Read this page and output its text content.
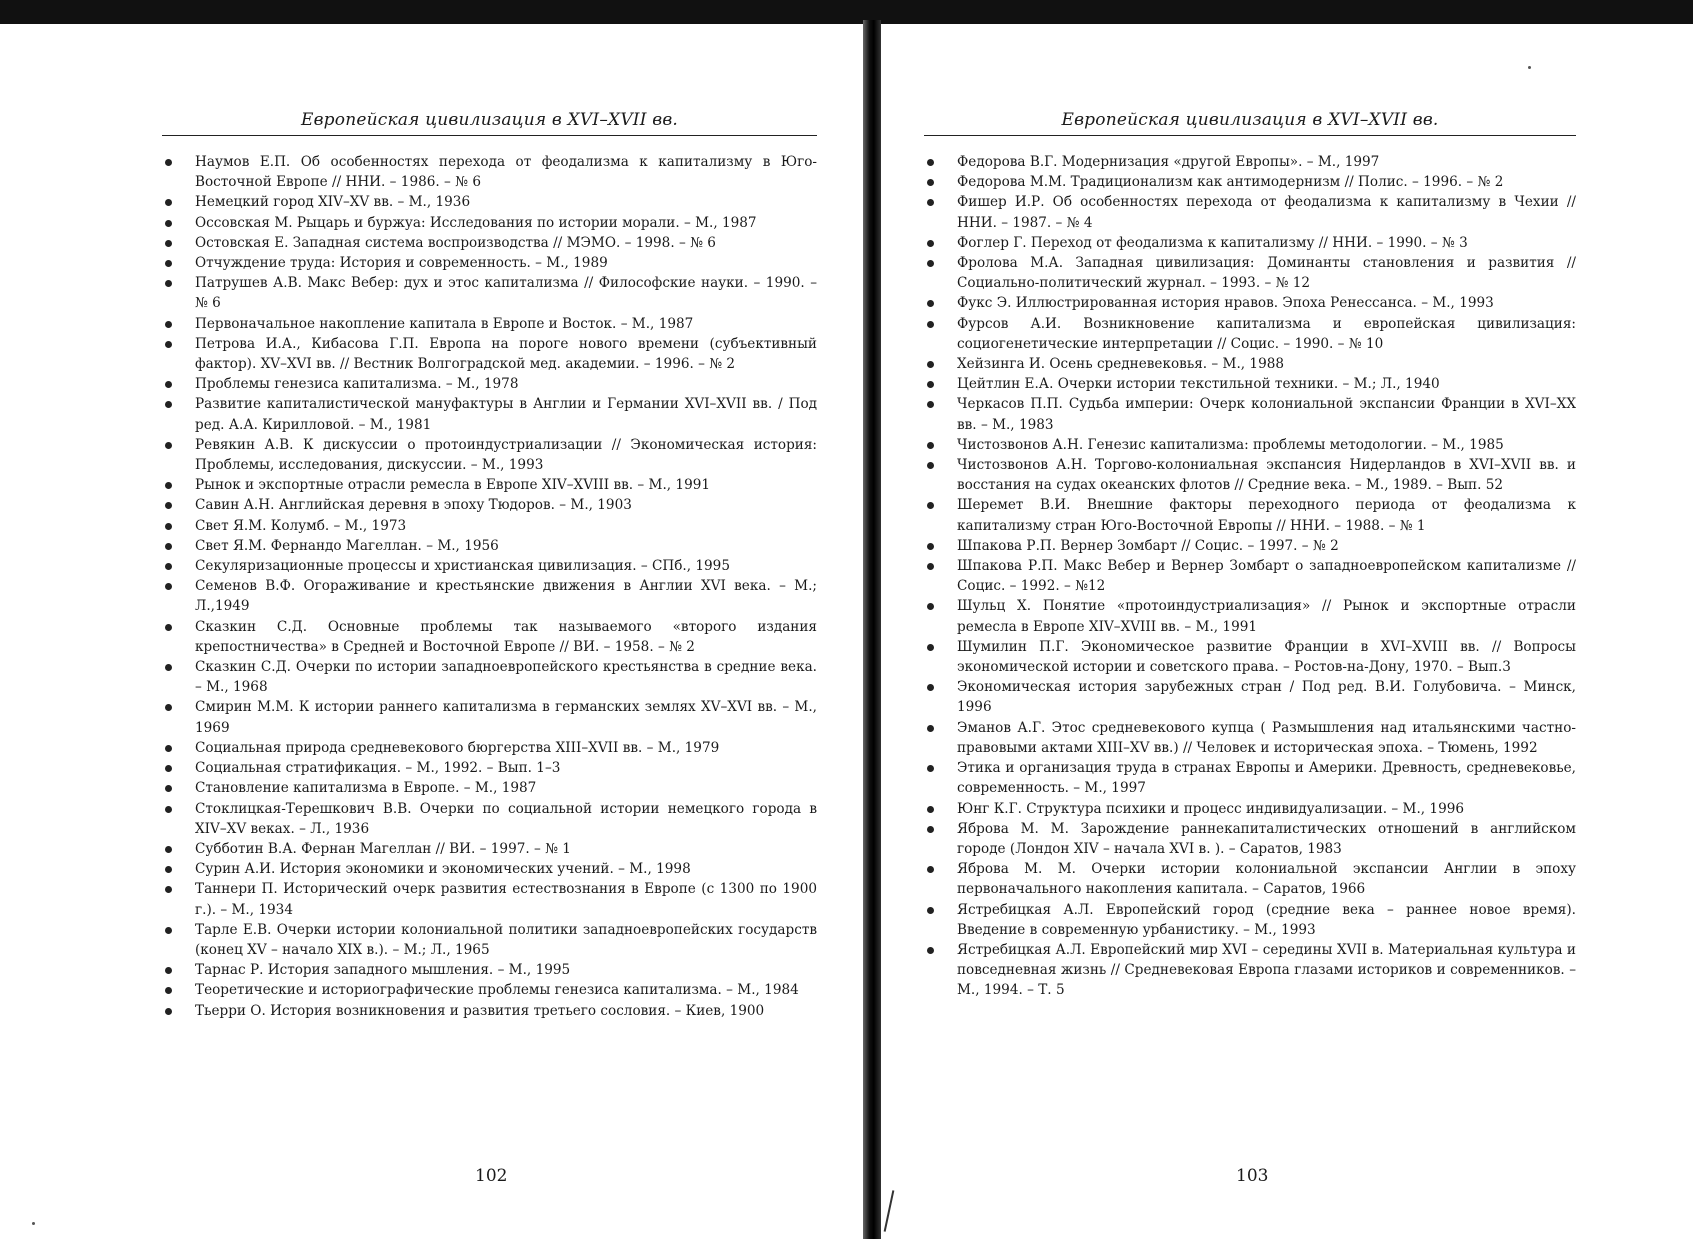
Европейская цивилизация в XVI–XVII вв.
Наумов Е.П. Об особенностях перехода от феодализма к капитализму в Юго-Восточной Европе // ННИ. – 1986. – № 6
Немецкий город XIV–XV вв. – М., 1936
Оссовская М. Рыцарь и буржуа: Исследования по истории морали. – М., 1987
Остовская Е. Западная система воспроизводства // МЭМО. – 1998. – № 6
Отчуждение труда: История и современность. – М., 1989
Патрушев А.В. Макс Вебер: дух и этос капитализма // Философские науки. – 1990. – № 6
Первоначальное накопление капитала в Европе и Восток. – М., 1987
Петрова И.А., Кибасова Г.П. Европа на пороге нового времени (субъективный фактор). XV–XVI вв. // Вестник Волгоградской мед. академии. – 1996. – № 2
Проблемы генезиса капитализма. – М., 1978
Развитие капиталистической мануфактуры в Англии и Германии XVI–XVII вв. / Под ред. А.А. Кирилловой. – М., 1981
Ревякин А.В. К дискуссии о протоиндустриализации // Экономическая история: Проблемы, исследования, дискуссии. – М., 1993
Рынок и экспортные отрасли ремесла в Европе XIV–XVIII вв. – М., 1991
Савин А.Н. Английская деревня в эпоху Тюдоров. – М., 1903
Свет Я.М. Колумб. – М., 1973
Свет Я.М. Фернандо Магеллан. – М., 1956
Секуляризационные процессы и христианская цивилизация. – СПб., 1995
Семенов В.Ф. Огораживание и крестьянские движения в Англии XVI века. – М.; Л.,1949
Сказкин С.Д. Основные проблемы так называемого «второго издания крепостничества» в Средней и Восточной Европе // ВИ. – 1958. – № 2
Сказкин С.Д. Очерки по истории западноевропейского крестьянства в средние века. – М., 1968
Смирин М.М. К истории раннего капитализма в германских землях XV–XVI вв. – М., 1969
Социальная природа средневекового бюргерства XIII–XVII вв. – М., 1979
Социальная стратификация. – М., 1992. – Вып. 1–3
Становление капитализма в Европе. – М., 1987
Стоклицкая-Терешкович В.В. Очерки по социальной истории немецкого города в XIV–XV веках. – Л., 1936
Субботин В.А. Фернан Магеллан // ВИ. – 1997. – № 1
Сурин А.И. История экономики и экономических учений. – М., 1998
Таннери П. Исторический очерк развития естествознания в Европе (с 1300 по 1900 г.). – М., 1934
Тарле Е.В. Очерки истории колониальной политики западноевропейских государств (конец XV – начало XIX в.). – М.; Л., 1965
Тарнас Р. История западного мышления. – М., 1995
Теоретические и историографические проблемы генезиса капитализма. – М., 1984
Тьерри О. История возникновения и развития третьего сословия. – Киев, 1900
Европейская цивилизация в XVI–XVII вв.
Федорова В.Г. Модернизация «другой Европы». – М., 1997
Федорова М.М. Традиционализм как антимодернизм // Полис. – 1996. – № 2
Фишер И.Р. Об особенностях перехода от феодализма к капитализму в Чехии // ННИ. – 1987. – № 4
Фоглер Г. Переход от феодализма к капитализму // ННИ. – 1990. – № 3
Фролова М.А. Западная цивилизация: Доминанты становления и развития // Социально-политический журнал. – 1993. – № 12
Фукс Э. Иллюстрированная история нравов. Эпоха Ренессанса. – М., 1993
Фурсов А.И. Возникновение капитализма и европейская цивилизация: социогенетические интерпретации // Социс. – 1990. – № 10
Хейзинга И. Осень средневековья. – М., 1988
Цейтлин Е.А. Очерки истории текстильной техники. – М.; Л., 1940
Черкасов П.П. Судьба империи: Очерк колониальной экспансии Франции в XVI–XX вв. – М., 1983
Чистозвонов А.Н. Генезис капитализма: проблемы методологии. – М., 1985
Чистозвонов А.Н. Торгово-колониальная экспансия Нидерландов в XVI–XVII вв. и восстания на судах океанских флотов // Средние века. – М., 1989. – Вып. 52
Шеремет В.И. Внешние факторы переходного периода от феодализма к капитализму стран Юго-Восточной Европы // ННИ. – 1988. – № 1
Шпакова Р.П. Вернер Зомбарт // Социс. – 1997. – № 2
Шпакова Р.П. Макс Вебер и Вернер Зомбарт о западноевропейском капитализме // Социс. – 1992. – №12
Шульц Х. Понятие «протоиндустриализация» // Рынок и экспортные отрасли ремесла в Европе XIV–XVIII вв. – М., 1991
Шумилин П.Г. Экономическое развитие Франции в XVI–XVIII вв. // Вопросы экономической истории и советского права. – Ростов-на-Дону, 1970. – Вып.3
Экономическая история зарубежных стран / Под ред. В.И. Голубовича. – Минск, 1996
Эманов А.Г. Этос средневекового купца ( Размышления над итальянскими частно-правовыми актами XIII–XV вв.) // Человек и историческая эпоха. – Тюмень, 1992
Этика и организация труда в странах Европы и Америки. Древность, средневековье, современность. – М., 1997
Юнг К.Г. Структура психики и процесс индивидуализации. – М., 1996
Яброва М. М. Зарождение раннекапиталистических отношений в английском городе (Лондон XIV – начала XVI в. ). – Саратов, 1983
Яброва М. М. Очерки истории колониальной экспансии Англии в эпоху первоначального накопления капитала. – Саратов, 1966
Ястребицкая А.Л. Европейский город (средние века – раннее новое время). Введение в современную урбанистику. – М., 1993
Ястребицкая А.Л. Европейский мир XVI – середины XVII в. Материальная культура и повседневная жизнь // Средневековая Европа глазами историков и современников. – М., 1994. – Т. 5
102	103
